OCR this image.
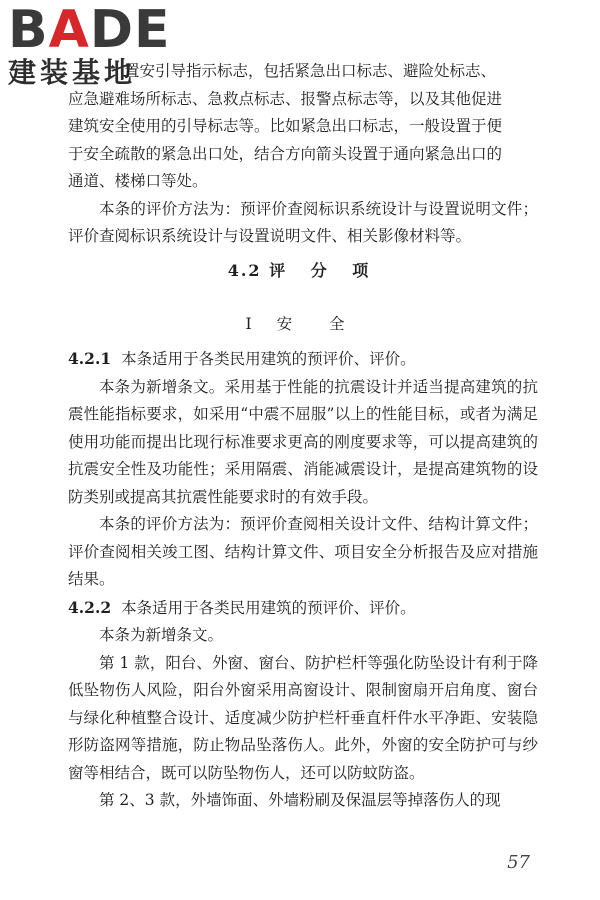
BADE
建装基地

置安引导指示标志，包括紧急出口标志、避险处标志、

应急避难场所标志、急救点标志、报警点标志等，以及其他促进

建筑安全使用的引导标志等。比如紧急出口标志，一般设置于便

于安全疏散的紧急出口处，结合方向箭头设置于通向紧急出口的

通道、楼梯口等处。

本条的评价方法为：预评价查阅标识系统设计与设置说明文件；评价查阅标识系统设计与设置说明文件、相关影像材料等。

4.2 评 分 项
Ⅰ 安 全

4.2.1 本条适用于各类民用建筑的预评价、评价。

本条为新增条文。采用基于性能的抗震设计并适当提高建筑的抗震性能指标要求，如采用“中震不屈服”以上的性能目标，或者为满足使用功能而提出比现行标准要求更高的刚度要求等，可以提高建筑的抗震安全性及功能性；采用隔震、消能减震设计，是提高建筑物的设防类别或提高其抗震性能要求时的有效手段。

本条的评价方法为：预评价查阅相关设计文件、结构计算文件；评价查阅相关竣工图、结构计算文件、项目安全分析报告及应对措施结果。

4.2.2 本条适用于各类民用建筑的预评价、评价。

本条为新增条文。

第 1 款，阳台、外窗、窗台、防护栏杆等强化防坠设计有利于降低坠物伤人风险，阳台外窗采用高窗设计、限制窗扇开启角度、窗台与绿化种植整合设计、适度减少防护栏杆垂直杆件水平净距、安装隐形防盗网等措施，防止物品坠落伤人。此外，外窗的安全防护可与纱窗等相结合，既可以防坠物伤人，还可以防蚊防盗。

第 2、3 款，外墙饰面、外墙粉刷及保温层等掉落伤人的现

57
